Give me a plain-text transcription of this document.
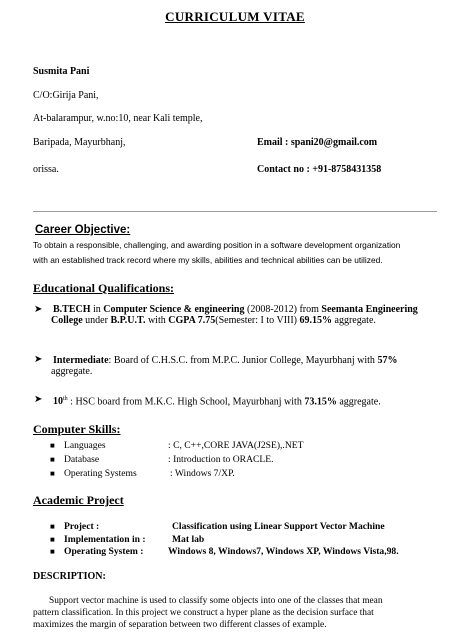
CURRICULUM VITAE
Susmita Pani
C/O:Girija Pani,
At-balarampur, w.no:10, near Kali temple,
Baripada, Mayurbhanj,
orissa.
Email : spani20@gmail.com
Contact no : +91-8758431358
Career Objective:
To obtain a responsible, challenging, and awarding position in a software development organization
with an established track record where my skills, abilities and technical abilities can be utilized.
Educational Qualifications:
➤ B.TECH in Computer Science & engineering (2008-2012) from Seemanta Engineering College under B.P.U.T. with CGPA 7.75(Semester: I to VIII) 69.15% aggregate.
➤ Intermediate: Board of C.H.S.C. from M.P.C. Junior College, Mayurbhanj with 57% aggregate.
➤ 10th : HSC board from M.K.C. High School, Mayurbhanj with 73.15% aggregate.
Computer Skills:
■ Languages	: C, C++,CORE JAVA(J2SE),.NET
■ Database	: Introduction to ORACLE.
■ Operating Systems	: Windows 7/XP.
Academic Project
■ Project :	Classification using Linear Support Vector Machine
■ Implementation in :	Mat lab
■ Operating System :	Windows 8, Windows7, Windows XP, Windows Vista,98.
DESCRIPTION:
Support vector machine is used to classify some objects into one of the classes that mean
pattern classification. In this project we construct a hyper plane as the decision surface that
maximizes the margin of separation between two different classes of example.
